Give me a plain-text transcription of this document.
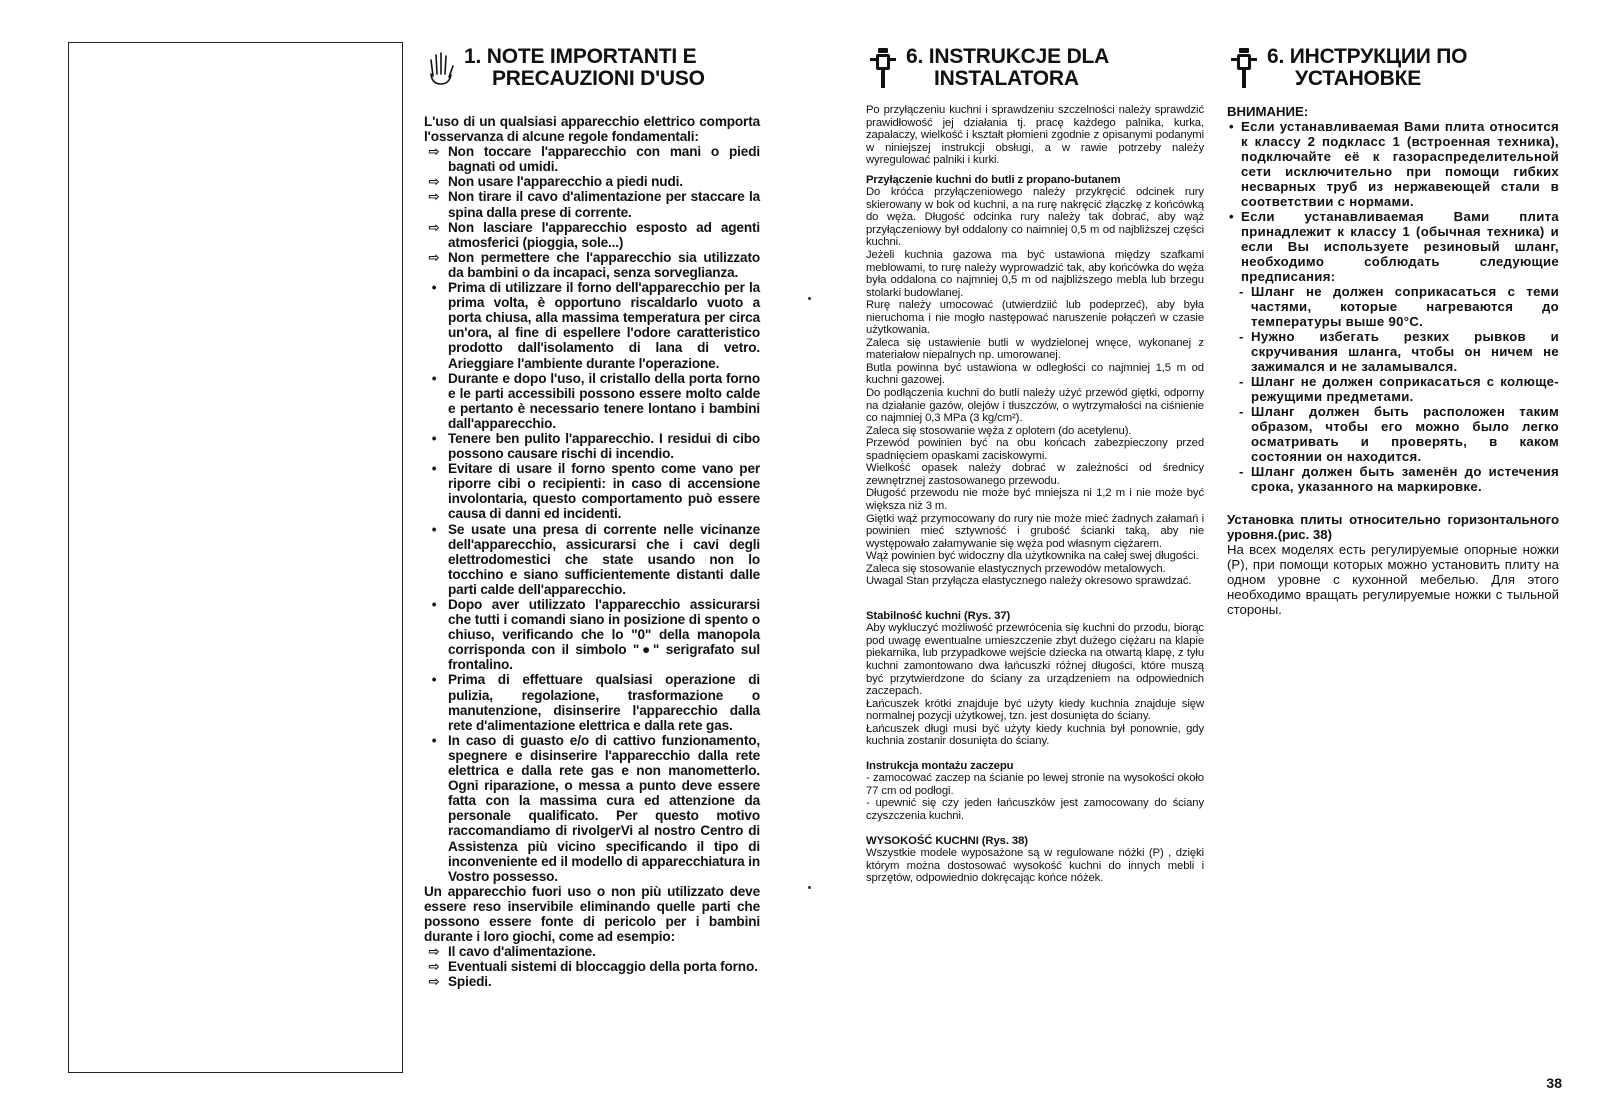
1. NOTE IMPORTANTI E
PRECAUZIONI D'USO

L'uso di un qualsiasi apparecchio elettrico comporta l'osservanza di alcune regole fondamentali:

⇨ Non toccare l'apparecchio con mani o piedi bagnati od umidi.
⇨ Non usare l'apparecchio a piedi nudi.
⇨ Non tirare il cavo d'alimentazione per staccare la spina dalla prese di corrente.
⇨ Non lasciare l'apparecchio esposto ad agenti atmosferici (pioggia, sole...)
⇨ Non permettere che l'apparecchio sia utilizzato da bambini o da incapaci, senza sorveglianza.
• Prima di utilizzare il forno dell'apparecchio per la prima volta, è opportuno riscaldarlo vuoto a porta chiusa, alla massima temperatura per circa un'ora, al fine di espellere l'odore caratteristico prodotto dall'isolamento di lana di vetro. Arieggiare l'ambiente durante l'operazione.
• Durante e dopo l'uso, il cristallo della porta forno e le parti accessibili possono essere molto calde e pertanto è necessario tenere lontano i bambini dall'apparecchio.
• Tenere ben pulito l'apparecchio. I residui di cibo possono causare rischi di incendio.
• Evitare di usare il forno spento come vano per riporre cibi o recipienti: in caso di accensione involontaria, questo comportamento può essere causa di danni ed incidenti.
• Se usate una presa di corrente nelle vicinanze dell'apparecchio, assicurarsi che i cavi degli elettrodomestici che state usando non lo tocchino e siano sufficientemente distanti dalle parti calde dell'apparecchio.
• Dopo aver utilizzato l'apparecchio assicurarsi che tutti i comandi siano in posizione di spento o chiuso, verificando che lo "0" della manopola corrisponda con il simbolo "●" serigrafato sul frontalino.
• Prima di effettuare qualsiasi operazione di pulizia, regolazione, trasformazione o manutenzione, disinserire l'apparecchio dalla rete d'alimentazione elettrica e dalla rete gas.
• In caso di guasto e/o di cattivo funzionamento, spegnere e disinserire l'apparecchio dalla rete elettrica e dalla rete gas e non manometterlo. Ogni riparazione, o messa a punto deve essere fatta con la massima cura ed attenzione da personale qualificato. Per questo motivo raccomandiamo di rivolgerVi al nostro Centro di Assistenza più vicino specificando il tipo di inconveniente ed il modello di apparecchiatura in Vostro possesso.

Un apparecchio fuori uso o non più utilizzato deve essere reso inservibile eliminando quelle parti che possono essere fonte di pericolo per i bambini durante i loro giochi, come ad esempio:

⇨ Il cavo d'alimentazione.
⇨ Eventuali sistemi di bloccaggio della porta forno.
⇨ Spiedi.
6. INSTRUKCJE DLA
INSTALATORA

Po przyłączeniu kuchni i sprawdzeniu szczelności należy sprawdzić prawidłowość jej działania tj. pracę każdego palnika, kurka, zapalaczy, wielkość i kształt płomieni zgodnie z opisanymi podanymi w niniejszej instrukcji obsługi, a w rawie potrzeby należy wyregulować palniki i kurki.

Przyłączenie kuchni do butli z propano-butanem

Do króćca przyłączeniowego należy przykręcić odcinek rury skierowany w bok od kuchni, a na rurę nakręcić złączkę z końcówką do węża. Długość odcinka rury należy tak dobrać, aby wąż przyłączeniowy był oddalony co naimniej 0,5 m od najbliższej części kuchni.

Jeżeli kuchnia gazowa ma być ustawiona między szafkami meblowami, to rurę należy wyprowadzić tak, aby końcówka do węża była oddalona co najmniej 0,5 m od najbliższego mebla lub brzegu stolarki budowlanej.

Rurę należy umocować (utwierdziić lub podeprzeć), aby była nieruchoma i nie mogło następować naruszenie połączeń w czasie użytkowania.

Zaleca się ustawienie butli w wydzielonej wnęce, wykonanej z materiałow niepalnych np. umorowanej.

Butla powinna być ustawiona w odległości co najmniej 1,5 m od kuchni gazowej.

Do podłączenia kuchni do butli należy użyć przewód giętki, odporny na działanie gazów, olejów i tłuszczów, o wytrzymałości na ciśnienie co najmniej 0,3 MPa (3 kg/cm²).

Zaleca się stosowanie węża z oplotem (do acetylenu).

Przewód powinien być na obu końcach zabezpieczony przed spadnięciem opaskami zaciskowymi.

Wielkość opasek należy dobrać w zależności od średnicy zewnętrznej zastosowanego przewodu.

Długość przewodu nie może być mniejsza ni 1,2 m i nie może być większa niż 3 m.

Giętki wąż przymocowany do rury nie może mieć żadnych załamań i powinien mieć sztywność i grubość ścianki taką, aby nie występowało załamywanie się węża pod własnym ciężarem.

Wąż powinien być widoczny dla użytkownika na całej swej długości.

Zaleca się stosowanie elastycznych przewodów metalowych.

Uwagal Stan przyłącza elastycznego należy okresowo sprawdzać.

Stabilność kuchni (Rys. 37)

Aby wykluczyć możliwość przewrócenia się kuchni do przodu, biorąc pod uwagę ewentualne umieszczenie zbyt dużego ciężaru na klapie piekarnika, lub przypadkowe wejście dziecka na otwartą klapę, z tyłu kuchni zamontowano dwa łańcuszki różnej długości, które muszą być przytwierdzone do ściany za urządzeniem na odpowiednich zaczepach.

Łańcuszek krótki znajduje być użyty kiedy kuchnia znajduje sięw normalnej pozycji użytkowej, tzn. jest dosunięta do ściany.

Łańcuszek długi musi być użyty kiedy kuchnia był ponownie, gdy kuchnia zostanir dosunięta do ściany.

Instrukcja montażu zaczepu

- zamocować zaczep na ścianie po lewej stronie na wysokości około 77 cm od podłogi.

- upewnić się czy jeden łańcuszków jest zamocowany do ściany czyszczenia kuchni.

WYSOKOŚĆ KUCHNI (Rys. 38)

Wszystkie modele wyposażone są w regulowane nóżki (P) , dzięki którym można dostosować wysokość kuchni do innych mebli i sprzętów, odpowiednio dokręcając końce nóżek.

6. ИНСТРУКЦИИ ПО
УСТАНОВКЕ

ВНИМАНИЕ:

• Если устанавливаемая Вами плита относится к классу 2 подкласс 1 (встроенная техника), подключайте её к газораспределительной сети исключительно при помощи гибких несварных труб из нержавеющей стали в соответствии с нормами.
• Если устанавливаемая Вами плита принадлежит к классу 1 (обычная техника) и если Вы используете резиновый шланг, необходимо соблюдать следующие предписания:
- Шланг не должен соприкасаться с теми частями, которые нагреваются до температуры выше 90°С.
- Нужно избегать резких рывков и скручивания шланга, чтобы он ничем не зажимался и не заламывался.
- Шланг не должен соприкасаться с колюще-режущими предметами.
- Шланг должен быть расположен таким образом, чтобы его можно было легко осматривать и проверять, в каком состоянии он находится.
- Шланг должен быть заменён до истечения срока, указанного на маркировке.
Установка плиты относительно горизонтального уровня.(рис. 38)

На всех моделях есть регулируемые опорные ножки (Р), при помощи которых можно установить плиту на одном уровне с кухонной мебелью. Для этого необходимо вращать регулируемые ножки с тыльной стороны.

38
